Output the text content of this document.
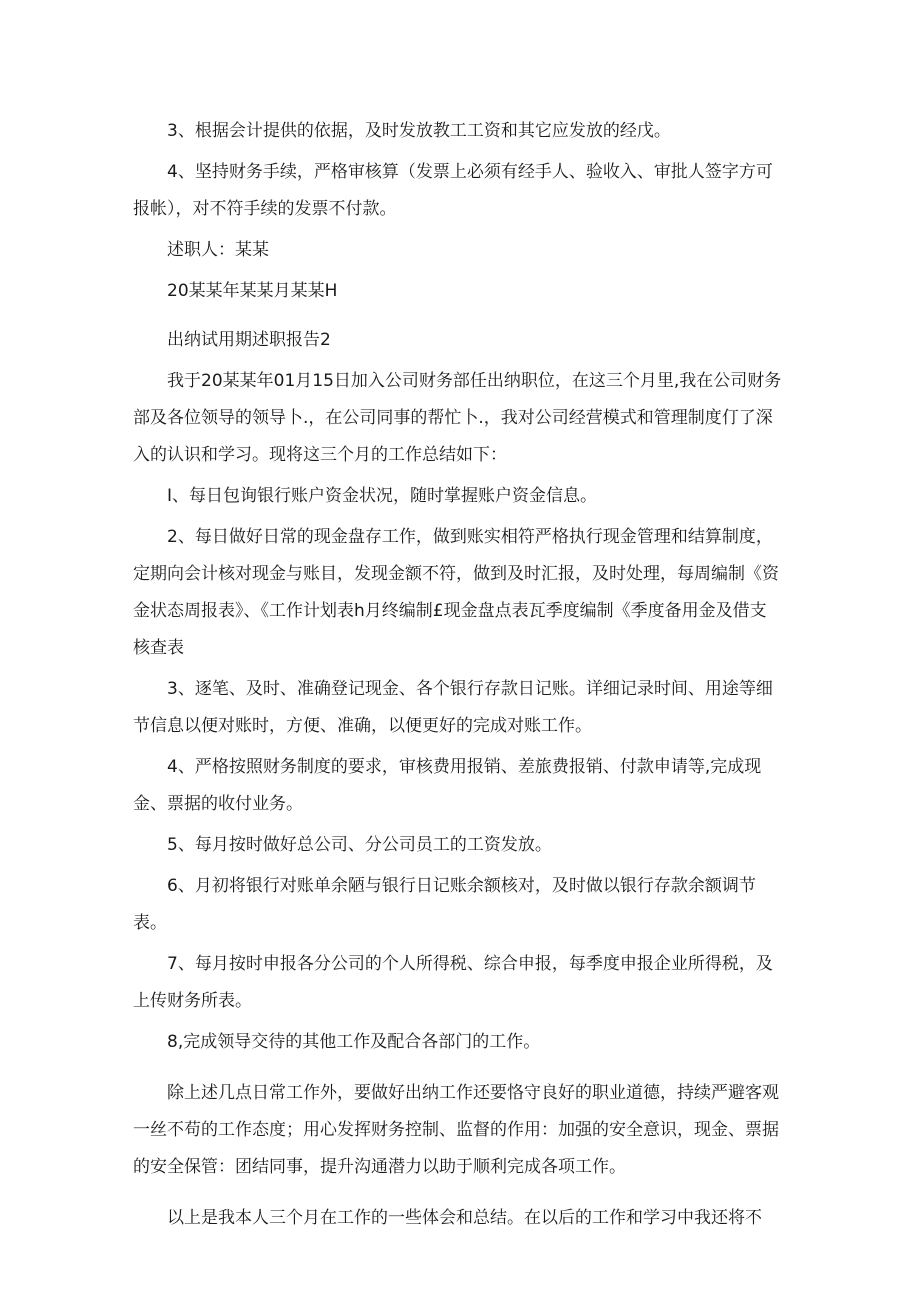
3、根据会计提供的依据，及时发放教工工资和其它应发放的经戊。

4、坚持财务手续，严格审核算（发票上必须有经手人、验收入、审批人签字方可报帐），对不符手续的发票不付款。

述职人：某某

20某某年某某月某某H

出纳试用期述职报告2

我于20某某年01月15日加入公司财务部任出纳职位，在这三个月里,我在公司财务部及各位领导的领导卜.，在公司同事的帮忙卜.，我对公司经营模式和管理制度仃了深入的认识和学习。现将这三个月的工作总结如下：

I、每日包询银行账户资金状况，随时掌握账户资金信息。

2、每日做好日常的现金盘存工作，做到账实相符严格执行现金管理和结算制度，定期向会计核对现金与账目，发现金额不符，做到及时汇报，及时处理，每周编制《资金状态周报表》、《工作计划表h月终编制£现金盘点表瓦季度编制《季度备用金及借支核查表

3、逐笔、及时、准确登记现金、各个银行存款日记账。详细记录时间、用途等细节信息以便对账时，方便、准确，以便更好的完成对账工作。

4、严格按照财务制度的要求，审核费用报销、差旅费报销、付款申请等,完成现金、票据的收付业务。

5、每月按时做好总公司、分公司员工的工资发放。

6、月初将银行对账单余陋与银行日记账余额核对，及时做以银行存款余额调节表。

7、每月按时申报各分公司的个人所得税、综合申报，每季度申报企业所得税，及上传财务所表。

8,完成领导交待的其他工作及配合各部门的工作。

除上述几点日常工作外，要做好出纳工作还要恪守良好的职业道德，持续严避客观一丝不苟的工作态度；用心发挥财务控制、监督的作用：加强的安全意识，现金、票据的安全保管：团结同事，提升沟通潜力以助于顺利完成各项工作。

以上是我本人三个月在工作的一些体会和总结。在以后的工作和学习中我还将不
